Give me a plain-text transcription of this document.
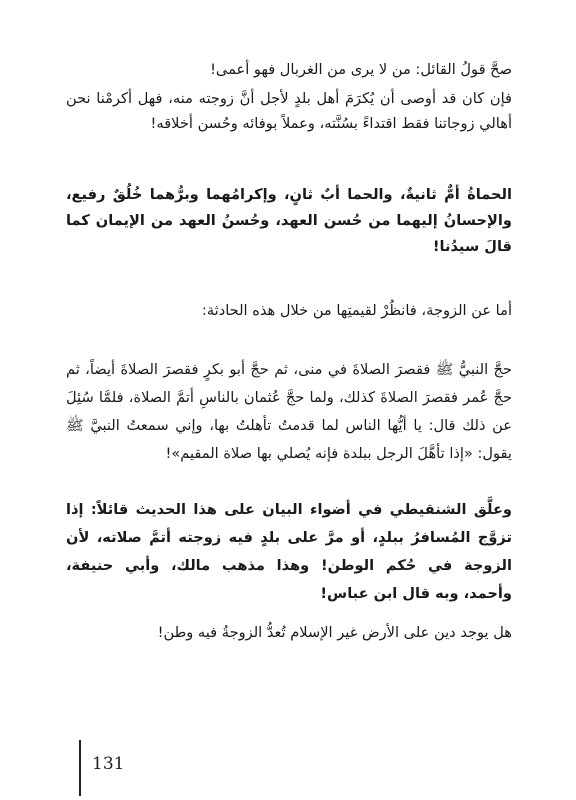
صحَّ قولُ القائل: من لا يرى من الغربال فهو أعمى!

فإن كان قد أوصى أن يُكرَمَ أهل بلدٍ لأجل أنَّ زوجته منه، فهل أكرمْنا نحن أهالي زوجاتنا فقط اقتداءً بسُنَّته، وعملاً بوفائه وحُسن أخلاقه!

الحماةُ أمٌّ ثانيةٌ، والحما أبٌ ثانٍ، وإكرامُهما وبرُّهما خُلُقٌ رفيع، والإحسانُ إليهما من حُسن العهد، وحُسنُ العهد من الإيمان كما قالَ سيدُنا!

أما عن الزوجة، فانظُرْ لقيمتِها من خلال هذه الحادثة:

حجَّ النبيُّ ﷺ فقصرَ الصلاةَ في منى، ثم حجَّ أبو بكرٍ فقصرَ الصلاةَ أيضاً، ثم حجَّ عُمر فقصرَ الصلاةَ كذلك، ولما حجَّ عُثمان بالناسِ أتمَّ الصلاة، فلمَّا سُئِلَ عن ذلك قال: يا أيُّها الناس لما قدمتُ تأهلتُ بها، وإني سمعتُ النبيَّ ﷺ يقول: «إذا تأهَّلَ الرجل ببلدة فإنه يُصلي بها صلاة المقيم»!

وعلَّق الشنقيطي في أضواء البيان على هذا الحديث قائلاً: إذا تزوَّج المُسافرُ ببلدٍ، أو مرَّ على بلدٍ فيه زوجته أتمَّ صلاته، لأن الزوجة في حُكم الوطن! وهذا مذهب مالك، وأبي حنيفة، وأحمد، وبه قال ابن عباس!

هل يوجد دين على الأرض غير الإسلام تُعدُّ الزوجةُ فيه وطن!

131
